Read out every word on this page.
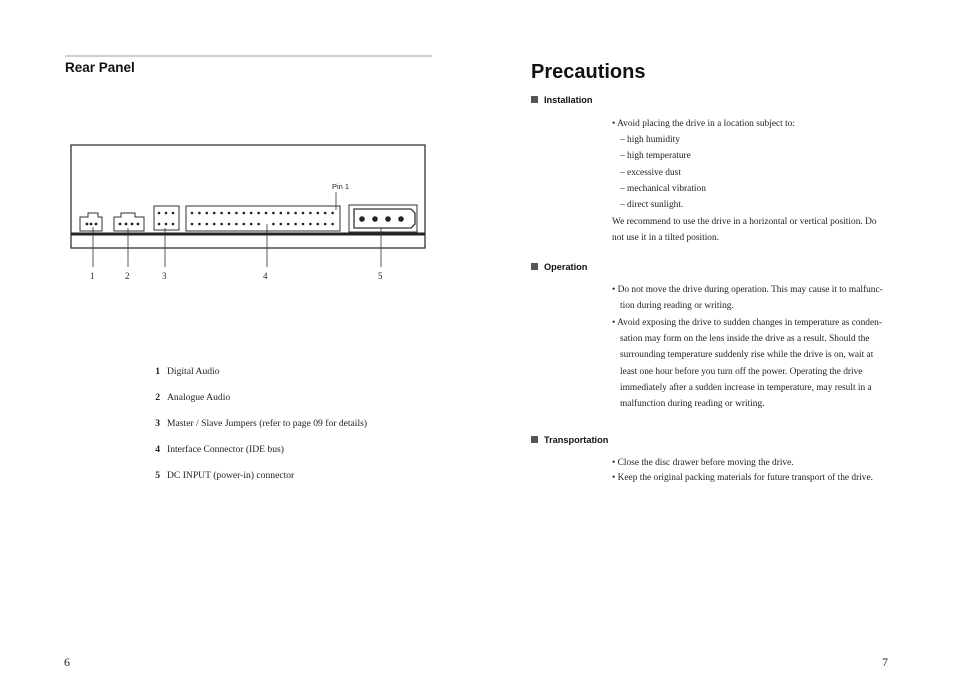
Rear Panel
Pin 1
1	2	3	4	5
1 Digital Audio
2 Analogue Audio
3 Master / Slave Jumpers (refer to page 09 for details)
4 Interface Connector (IDE bus)
5 DC INPUT (power-in) connector
6
Precautions
Installation
• Avoid placing the drive in a location subject to:
– high humidity
– high temperature
– excessive dust
– mechanical vibration
– direct sunlight.
We recommend to use the drive in a horizontal or vertical position. Do
not use it in a tilted position.
Operation
• Do not move the drive during operation. This may cause it to malfunc-
tion during reading or writing.
• Avoid exposing the drive to sudden changes in temperature as conden-
sation may form on the lens inside the drive as a result. Should the
surrounding temperature suddenly rise while the drive is on, wait at
least one hour before you turn off the power. Operating the drive
immediately after a sudden increase in temperature, may result in a
malfunction during reading or writing.
Transportation
• Close the disc drawer before moving the drive.
• Keep the original packing materials for future transport of the drive.
7
